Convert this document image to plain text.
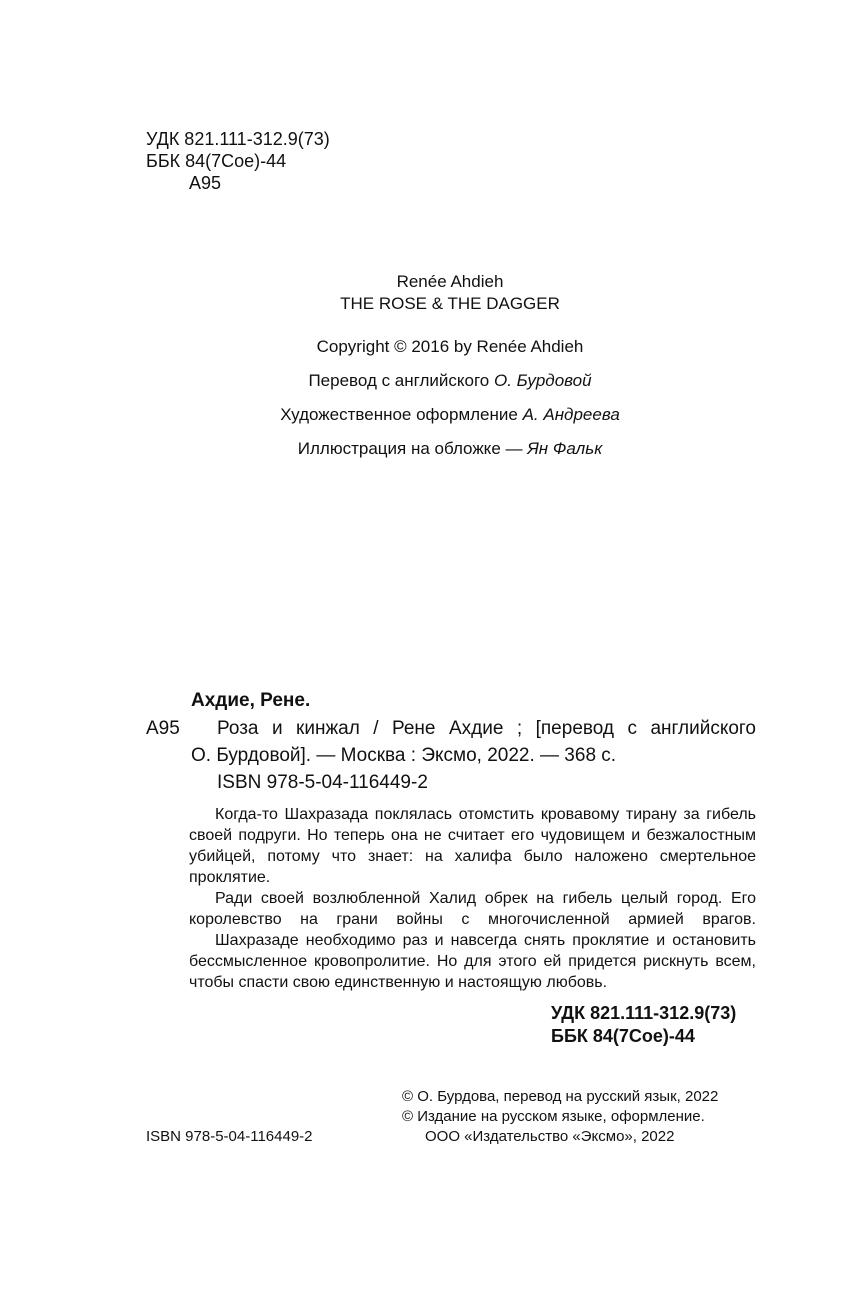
УДК 821.111-312.9(73)
ББК 84(7Сое)-44
А95
Renée Ahdieh
THE ROSE & THE DAGGER
Copyright © 2016 by Renée Ahdieh
Перевод с английского О. Бурдовой
Художественное оформление А. Андреева
Иллюстрация на обложке — Ян Фальк
Ахдие, Рене.
А95 Роза и кинжал / Рене Ахдие ; [перевод с английского
О. Бурдовой]. — Москва : Эксмо, 2022. — 368 с.
ISBN 978-5-04-116449-2

Когда-то Шахразада поклялась отомстить кровавому тирану за гибель своей подруги. Но теперь она не считает его чудовищем и безжалостным убийцей, потому что знает: на халифа было наложено смертельное проклятие.

Ради своей возлюбленной Халид обрек на гибель целый город. Его королевство на грани войны с многочисленной армией врагов.

Шахразаде необходимо раз и навсегда снять проклятие и остановить бессмысленное кровопролитие. Но для этого ей придется рискнуть всем, чтобы спасти свою единственную и настоящую любовь.

УДК 821.111-312.9(73)
ББК 84(7Сое)-44
© О. Бурдова, перевод на русский язык, 2022
© Издание на русском языке, оформление.
ООО «Издательство «Эксмо», 2022
ISBN 978-5-04-116449-2
